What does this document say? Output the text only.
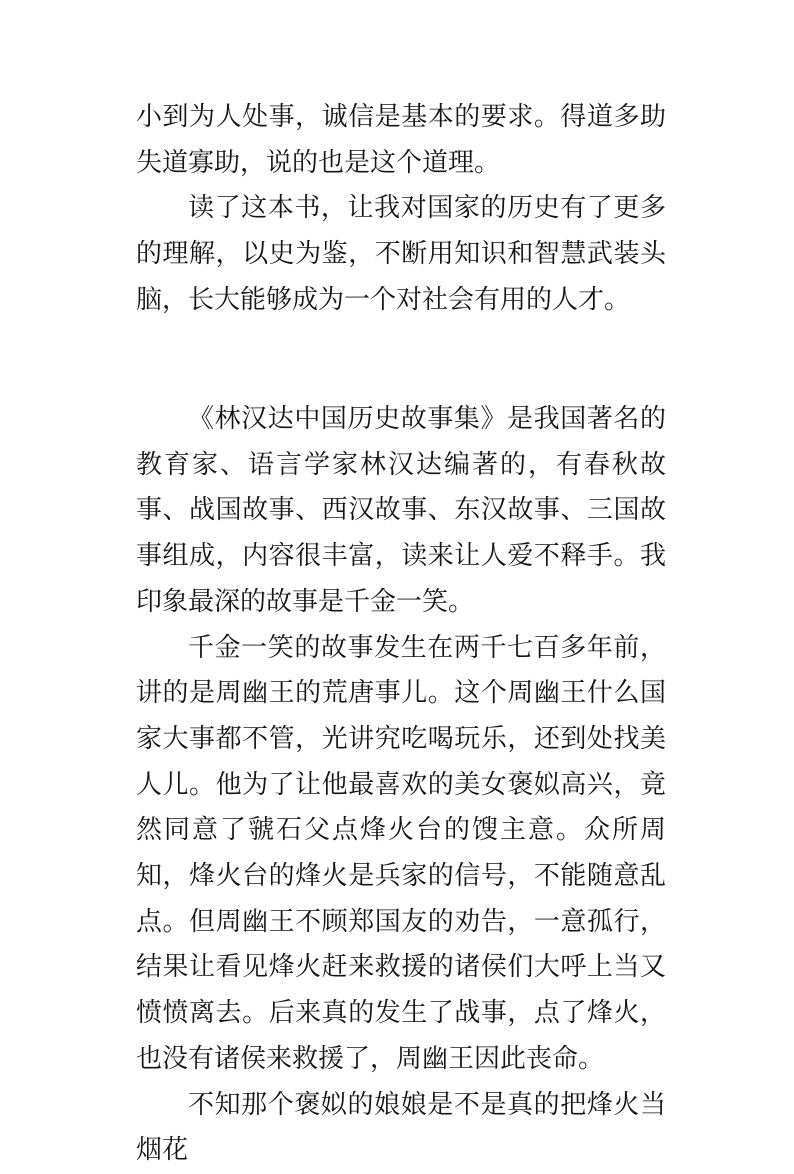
小到为人处事，诚信是基本的要求。得道多助失道寡助，说的也是这个道理。

读了这本书，让我对国家的历史有了更多的理解，以史为鉴，不断用知识和智慧武装头脑，长大能够成为一个对社会有用的人才。

《林汉达中国历史故事集》是我国著名的教育家、语言学家林汉达编著的，有春秋故事、战国故事、西汉故事、东汉故事、三国故事组成，内容很丰富，读来让人爱不释手。我印象最深的故事是千金一笑。

千金一笑的故事发生在两千七百多年前，讲的是周幽王的荒唐事儿。这个周幽王什么国家大事都不管，光讲究吃喝玩乐，还到处找美人儿。他为了让他最喜欢的美女褒姒高兴，竟然同意了虢石父点烽火台的馊主意。众所周知，烽火台的烽火是兵家的信号，不能随意乱点。但周幽王不顾郑国友的劝告，一意孤行，结果让看见烽火赶来救援的诸侯们大呼上当又愤愤离去。后来真的发生了战事，点了烽火，也没有诸侯来救援了，周幽王因此丧命。

不知那个褒姒的娘娘是不是真的把烽火当烟花
